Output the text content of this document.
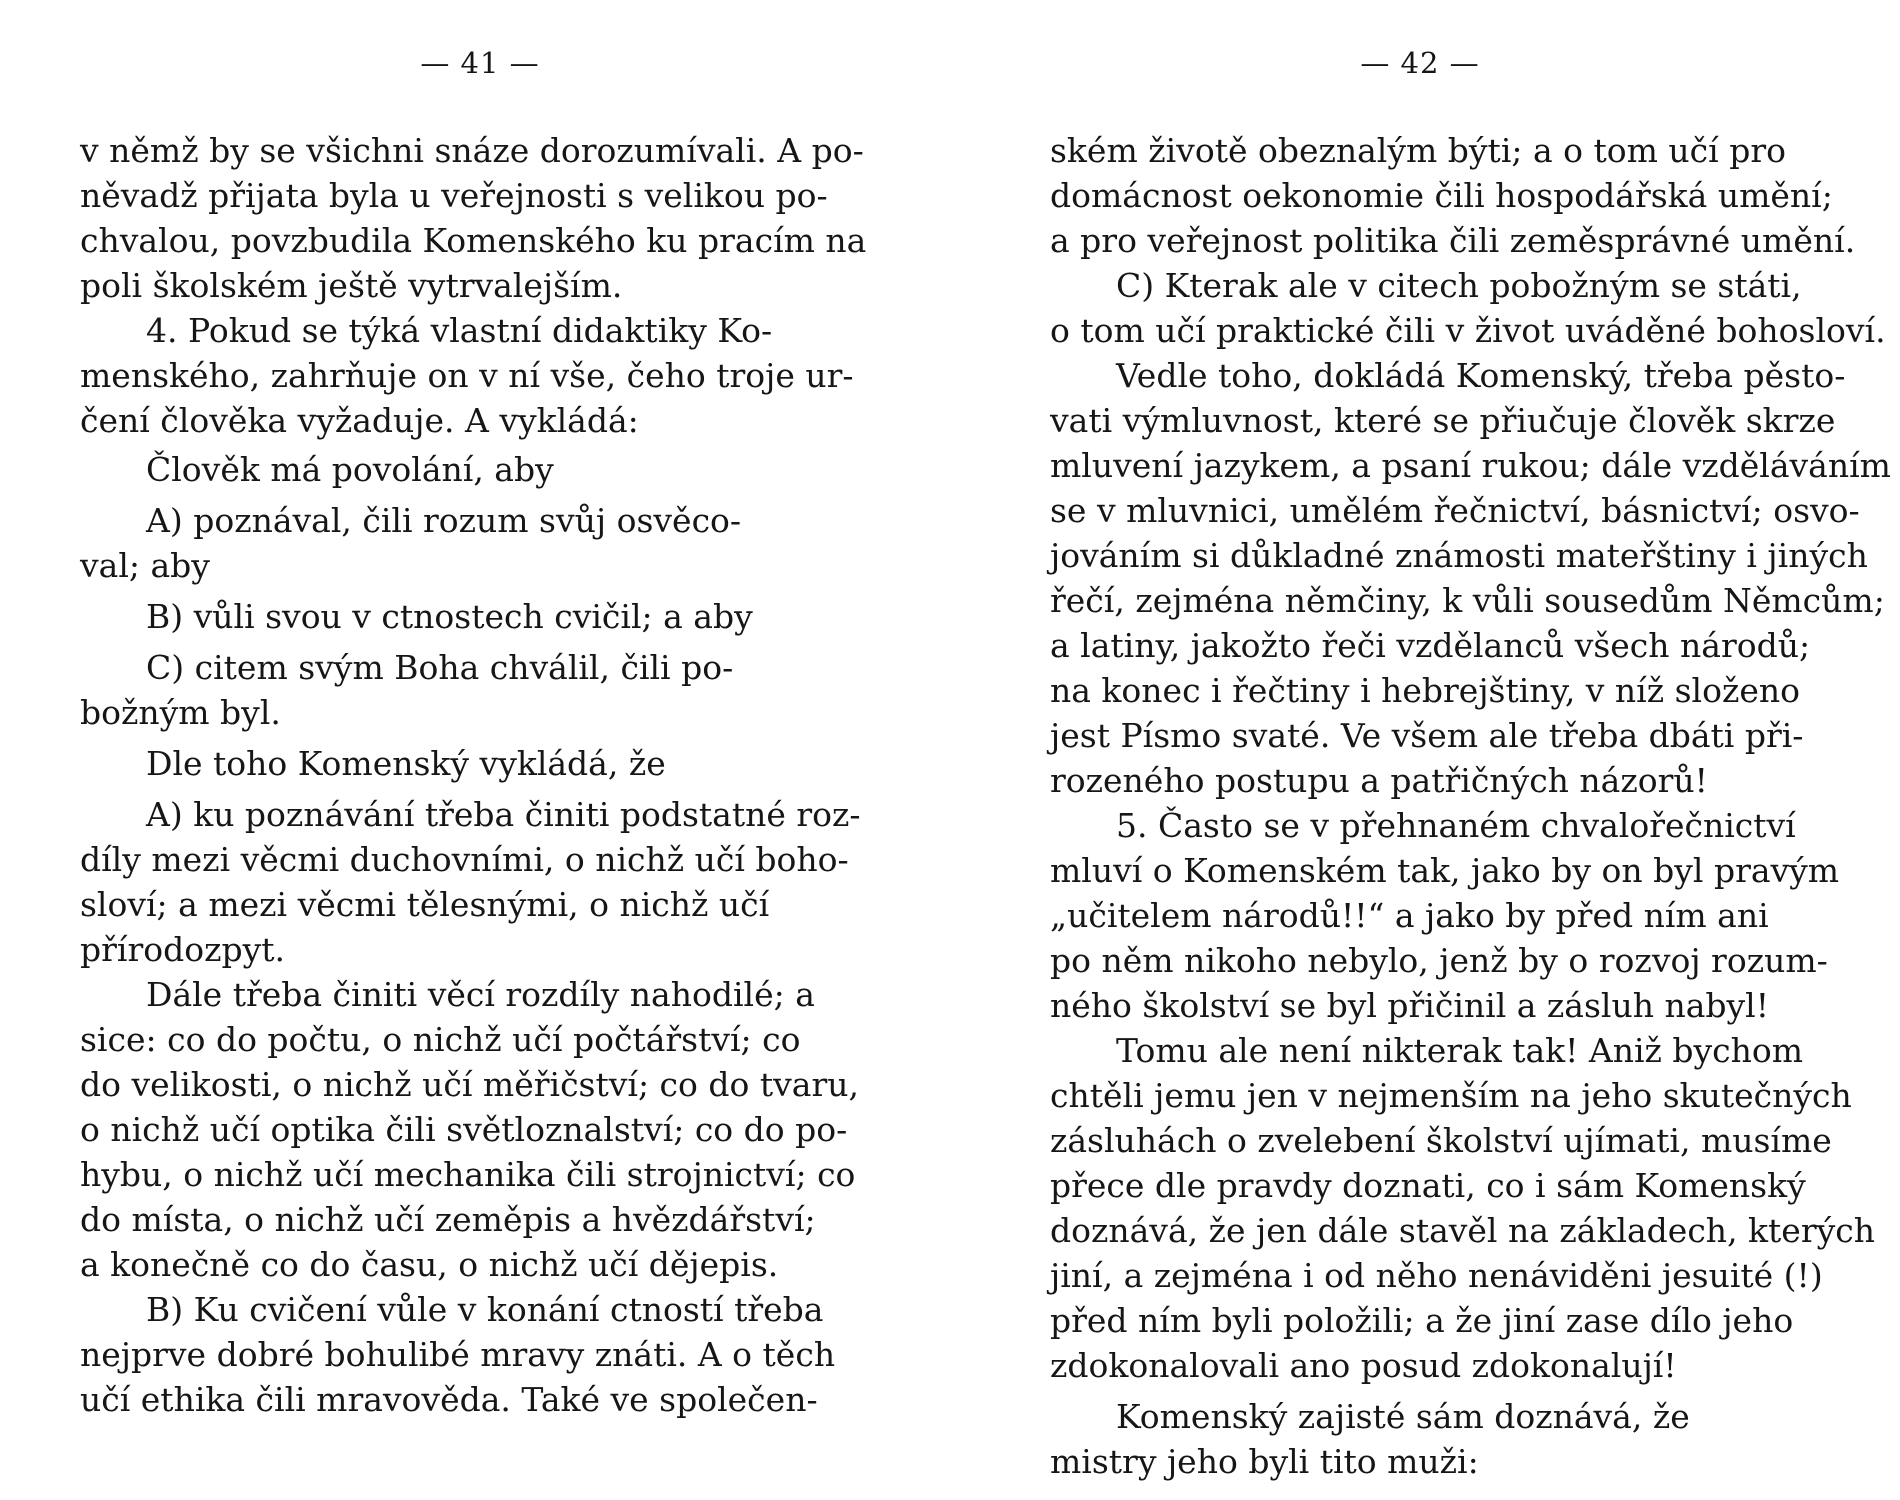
— 41 —	— 42 —
v němž by se všichni snáze dorozumívali. A po-
něvadž přijata byla u veřejnosti s velikou po-
chvalou, povzbudila Komenského ku pracím na
poli školském ještě vytrvalejším.
4. Pokud se týká vlastní didaktiky Ko-
menského, zahrňuje on v ní vše, čeho troje ur-
čení člověka vyžaduje. A vykládá:
Člověk má povolání, aby
A) poznával, čili rozum svůj osvěco-
val; aby
B) vůli svou v ctnostech cvičil; a aby
C) citem svým Boha chválil, čili po-
božným byl.
Dle toho Komenský vykládá, že
A) ku poznávání třeba činiti podstatné roz-
díly mezi věcmi duchovními, o nichž učí boho-
sloví; a mezi věcmi tělesnými, o nichž učí
přírodozpyt.
Dále třeba činiti věcí rozdíly nahodilé; a
sice: co do počtu, o nichž učí počtářství; co
do velikosti, o nichž učí měřičství; co do tvaru,
o nichž učí optika čili světloznalství; co do po-
hybu, o nichž učí mechanika čili strojnictví; co
do místa, o nichž učí zeměpis a hvězdářství;
a konečně co do času, o nichž učí dějepis.
B) Ku cvičení vůle v konání ctností třeba
nejprve dobré bohulibé mravy znáti. A o těch
učí ethika čili mravověda. Také ve společen-
ském životě obeznalým býti; a o tom učí pro
domácnost oekonomie čili hospodářská umění;
a pro veřejnost politika čili zeměsprávné umění.
C) Kterak ale v citech pobožným se státi,
o tom učí praktické čili v život uváděné bohosloví.
Vedle toho, dokládá Komenský, třeba pěsto-
vati výmluvnost, které se přiučuje člověk skrze
mluvení jazykem, a psaní rukou; dále vzděláváním
se v mluvnici, umělém řečnictví, básnictví; osvo-
jováním si důkladné známosti mateřštiny i jiných
řečí, zejména němčiny, k vůli sousedům Němcům;
a latiny, jakožto řeči vzdělanců všech národů;
na konec i řečtiny i hebrejštiny, v níž složeno
jest Písmo svaté. Ve všem ale třeba dbáti při-
rozeného postupu a patřičných názorů!
5. Často se v přehnaném chvalořečnictví
mluví o Komenském tak, jako by on byl pravým
„učitelem národů!!“ a jako by před ním ani
po něm nikoho nebylo, jenž by o rozvoj rozum-
ného školství se byl přičinil a zásluh nabyl!
Tomu ale není nikterak tak! Aniž bychom
chtěli jemu jen v nejmenším na jeho skutečných
zásluhách o zvelebení školství ujímati, musíme
přece dle pravdy doznati, co i sám Komenský
doznává, že jen dále stavěl na základech, kterých
jiní, a zejména i od něho nenáviděni jesuité (!)
před ním byli položili; a že jiní zase dílo jeho
zdokonalovali ano posud zdokonalují!
Komenský zajisté sám doznává, že
mistry jeho byli tito muži:
